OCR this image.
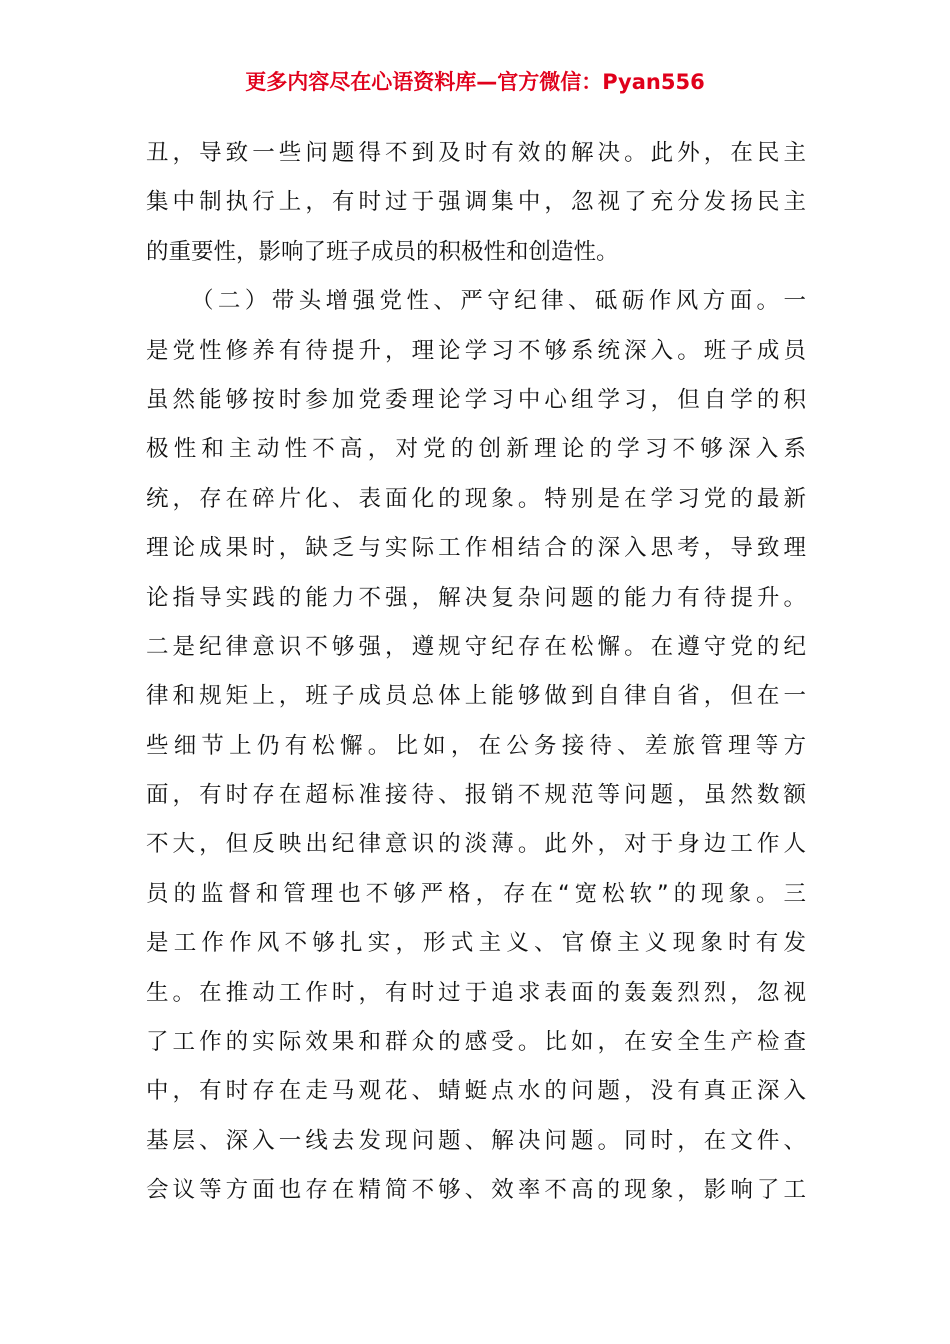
更多内容尽在心语资料库—官方微信：Pyan556
丑，导致一些问题得不到及时有效的解决。此外，在民主
集中制执行上，有时过于强调集中，忽视了充分发扬民主
的重要性，影响了班子成员的积极性和创造性。
（二）带头增强党性、严守纪律、砥砺作风方面。一
是党性修养有待提升，理论学习不够系统深入。班子成员
虽然能够按时参加党委理论学习中心组学习，但自学的积
极性和主动性不高，对党的创新理论的学习不够深入系
统，存在碎片化、表面化的现象。特别是在学习党的最新
理论成果时，缺乏与实际工作相结合的深入思考，导致理
论指导实践的能力不强，解决复杂问题的能力有待提升。
二是纪律意识不够强，遵规守纪存在松懈。在遵守党的纪
律和规矩上，班子成员总体上能够做到自律自省，但在一
些细节上仍有松懈。比如，在公务接待、差旅管理等方
面，有时存在超标准接待、报销不规范等问题，虽然数额
不大，但反映出纪律意识的淡薄。此外，对于身边工作人
员的监督和管理也不够严格，存在“宽松软”的现象。三
是工作作风不够扎实，形式主义、官僚主义现象时有发
生。在推动工作时，有时过于追求表面的轰轰烈烈，忽视
了工作的实际效果和群众的感受。比如，在安全生产检查
中，有时存在走马观花、蜻蜓点水的问题，没有真正深入
基层、深入一线去发现问题、解决问题。同时，在文件、
会议等方面也存在精简不够、效率不高的现象，影响了工
